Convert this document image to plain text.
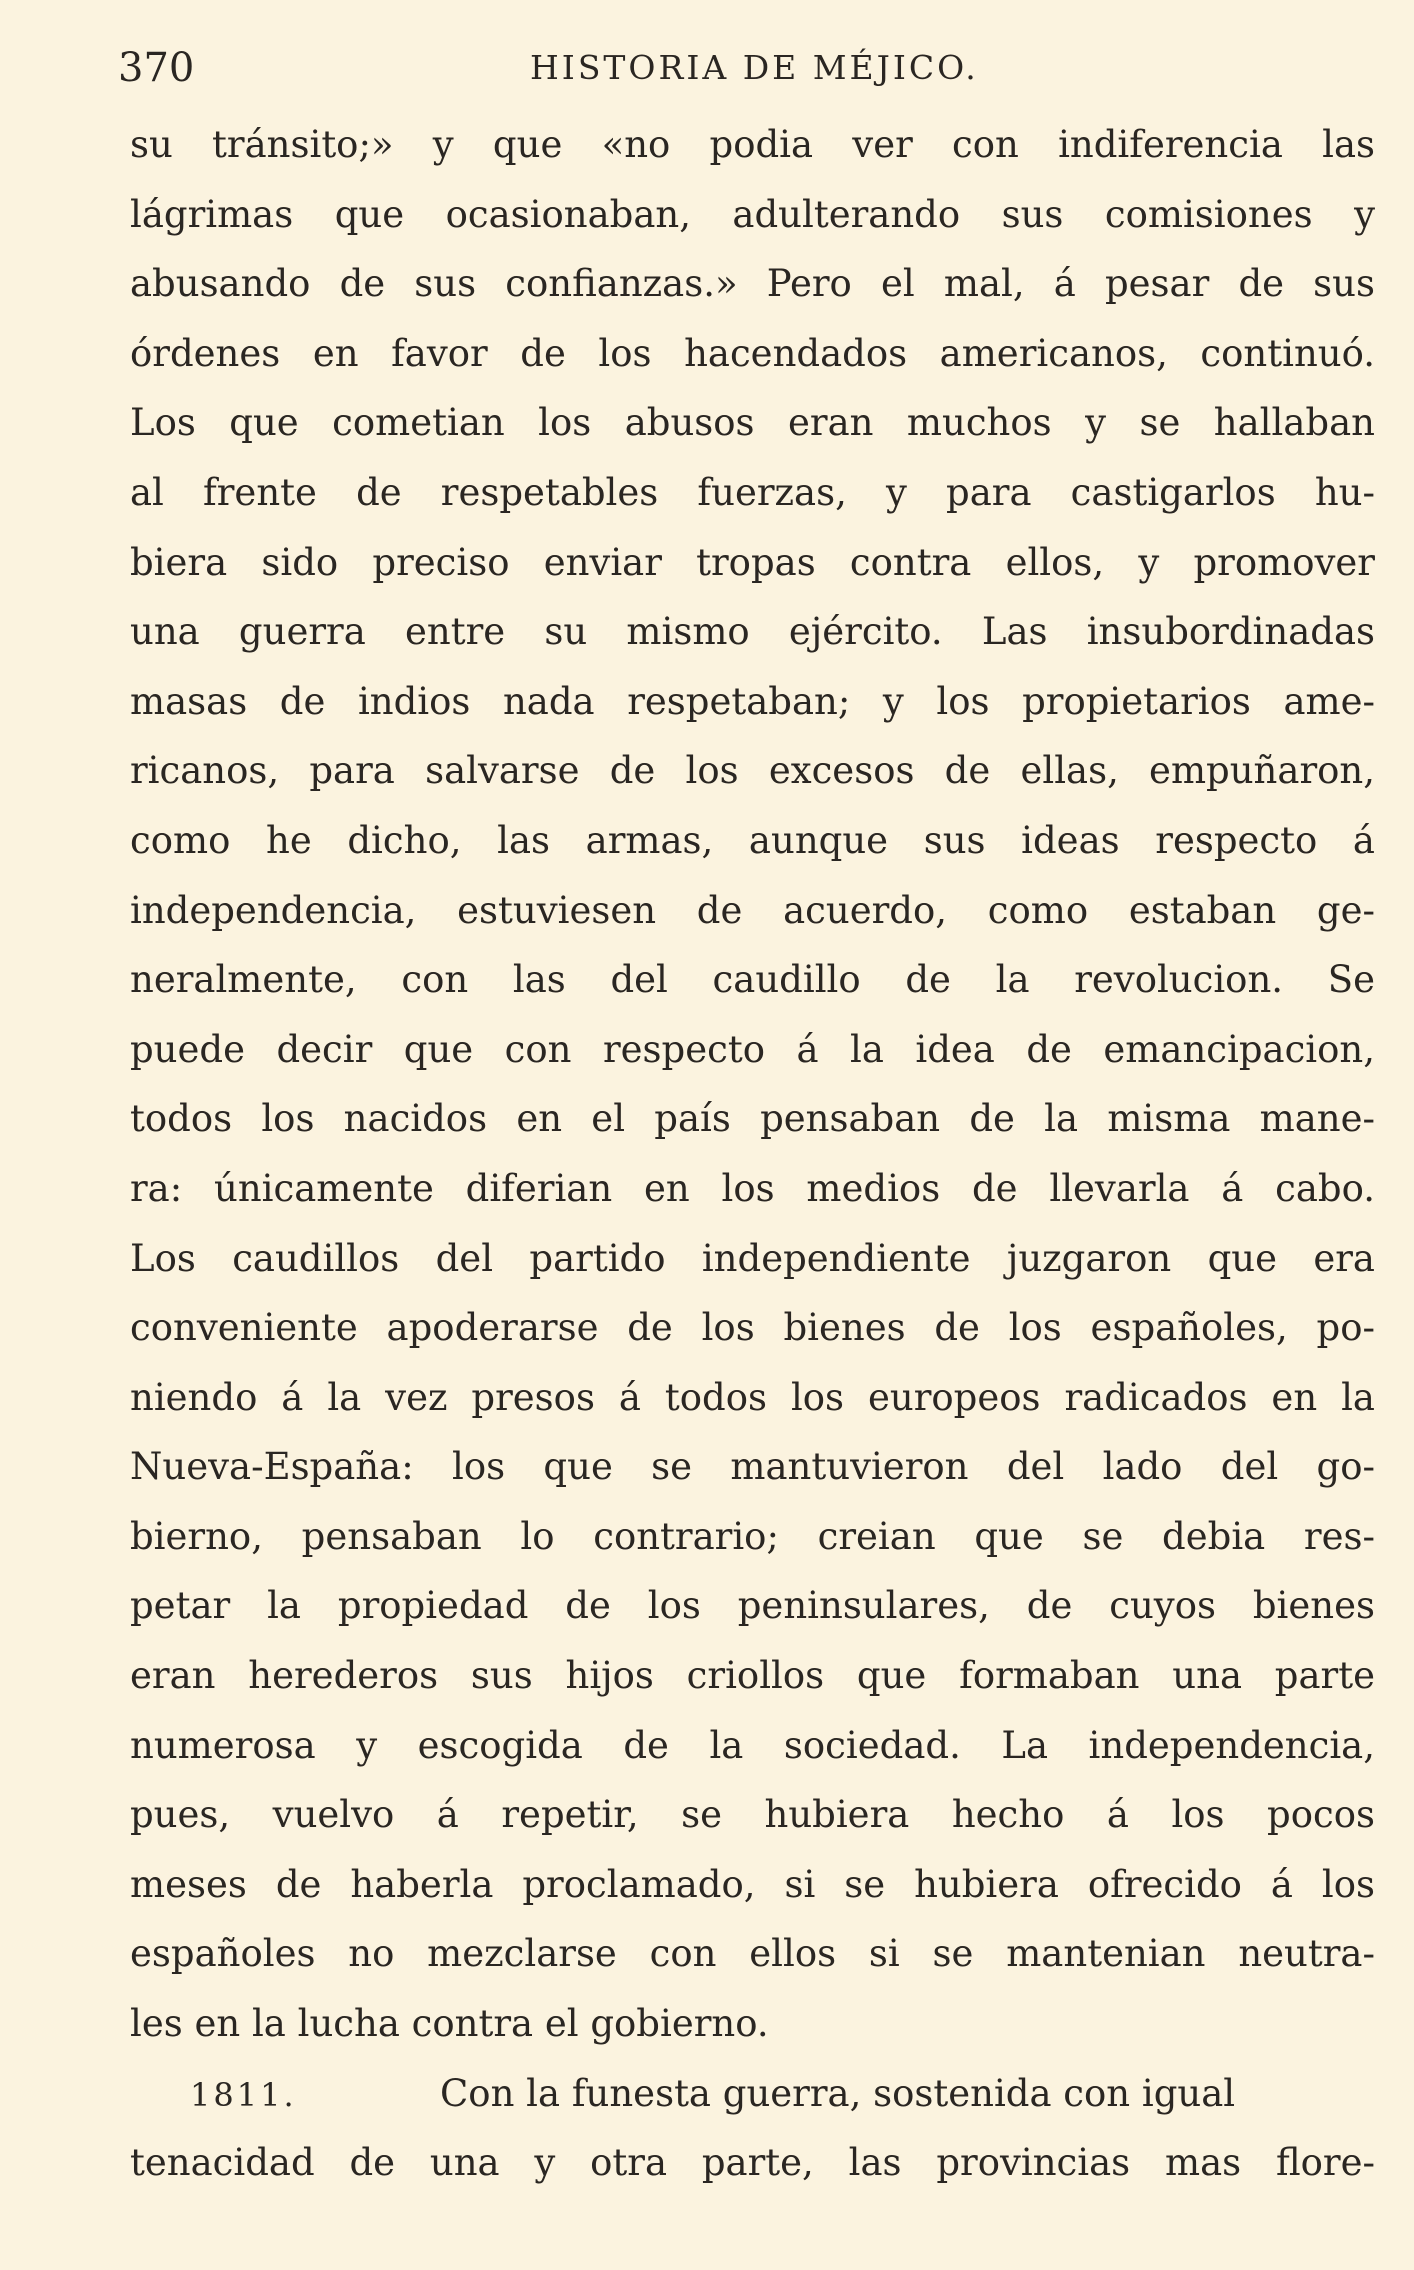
370	HISTORIA DE MÉJICO.
su tránsito;» y que «no podia ver con indiferencia las
lágrimas que ocasionaban, adulterando sus comisiones y
abusando de sus confianzas.» Pero el mal, á pesar de sus
órdenes en favor de los hacendados americanos, continuó.
Los que cometian los abusos eran muchos y se hallaban
al frente de respetables fuerzas, y para castigarlos hu-
biera sido preciso enviar tropas contra ellos, y promover
una guerra entre su mismo ejército. Las insubordinadas
masas de indios nada respetaban; y los propietarios ame-
ricanos, para salvarse de los excesos de ellas, empuñaron,
como he dicho, las armas, aunque sus ideas respecto á
independencia, estuviesen de acuerdo, como estaban ge-
neralmente, con las del caudillo de la revolucion. Se
puede decir que con respecto á la idea de emancipacion,
todos los nacidos en el país pensaban de la misma mane-
ra: únicamente diferian en los medios de llevarla á cabo.
Los caudillos del partido independiente juzgaron que era
conveniente apoderarse de los bienes de los españoles, po-
niendo á la vez presos á todos los europeos radicados en la
Nueva-España: los que se mantuvieron del lado del go-
bierno, pensaban lo contrario; creian que se debia res-
petar la propiedad de los peninsulares, de cuyos bienes
eran herederos sus hijos criollos que formaban una parte
numerosa y escogida de la sociedad. La independencia,
pues, vuelvo á repetir, se hubiera hecho á los pocos
meses de haberla proclamado, si se hubiera ofrecido á los
españoles no mezclarse con ellos si se mantenian neutra-
les en la lucha contra el gobierno.
1811.	Con la funesta guerra, sostenida con igual
tenacidad de una y otra parte, las provincias mas flore-
